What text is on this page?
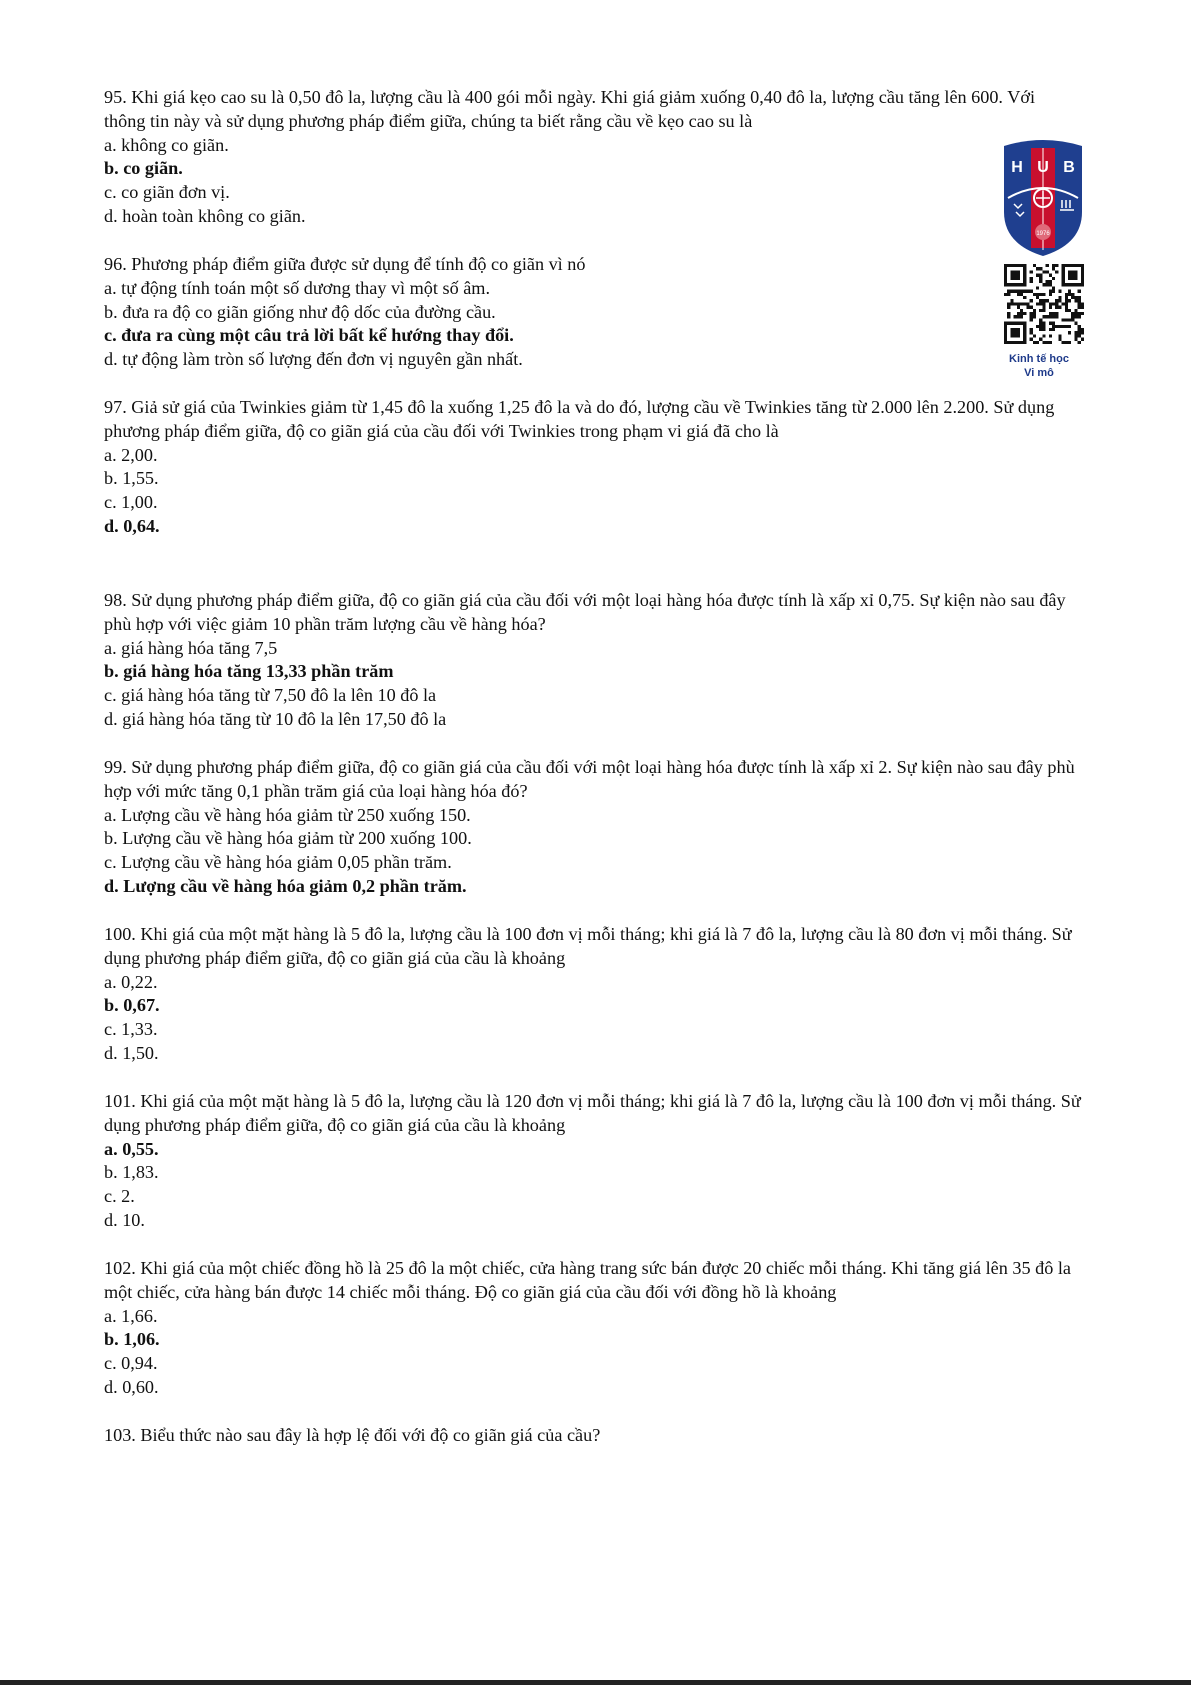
95. Khi giá kẹo cao su là 0,50 đô la, lượng cầu là 400 gói mỗi ngày. Khi giá giảm xuống 0,40 đô la, lượng cầu tăng lên 600. Với thông tin này và sử dụng phương pháp điểm giữa, chúng ta biết rằng cầu về kẹo cao su là

a. không co giãn.

b. co giãn.

c. co giãn đơn vị.

d. hoàn toàn không co giãn.

96. Phương pháp điểm giữa được sử dụng để tính độ co giãn vì nó

a. tự động tính toán một số dương thay vì một số âm.

b. đưa ra độ co giãn giống như độ dốc của đường cầu.

c. đưa ra cùng một câu trả lời bất kể hướng thay đổi.

d. tự động làm tròn số lượng đến đơn vị nguyên gần nhất.

97. Giả sử giá của Twinkies giảm từ 1,45 đô la xuống 1,25 đô la và do đó, lượng cầu về Twinkies tăng từ 2.000 lên 2.200. Sử dụng phương pháp điểm giữa, độ co giãn giá của cầu đối với Twinkies trong phạm vi giá đã cho là

a. 2,00.

b. 1,55.

c. 1,00.

d. 0,64.

98. Sử dụng phương pháp điểm giữa, độ co giãn giá của cầu đối với một loại hàng hóa được tính là xấp xỉ 0,75. Sự kiện nào sau đây phù hợp với việc giảm 10 phần trăm lượng cầu về hàng hóa?

a. giá hàng hóa tăng 7,5

b. giá hàng hóa tăng 13,33 phần trăm

c. giá hàng hóa tăng từ 7,50 đô la lên 10 đô la

d. giá hàng hóa tăng từ 10 đô la lên 17,50 đô la

99. Sử dụng phương pháp điểm giữa, độ co giãn giá của cầu đối với một loại hàng hóa được tính là xấp xỉ 2. Sự kiện nào sau đây phù hợp với mức tăng 0,1 phần trăm giá của loại hàng hóa đó?

a. Lượng cầu về hàng hóa giảm từ 250 xuống 150.

b. Lượng cầu về hàng hóa giảm từ 200 xuống 100.

c. Lượng cầu về hàng hóa giảm 0,05 phần trăm.

d. Lượng cầu về hàng hóa giảm 0,2 phần trăm.

100. Khi giá của một mặt hàng là 5 đô la, lượng cầu là 100 đơn vị mỗi tháng; khi giá là 7 đô la, lượng cầu là 80 đơn vị mỗi tháng. Sử dụng phương pháp điểm giữa, độ co giãn giá của cầu là khoảng

a. 0,22.

b. 0,67.

c. 1,33.

d. 1,50.

101. Khi giá của một mặt hàng là 5 đô la, lượng cầu là 120 đơn vị mỗi tháng; khi giá là 7 đô la, lượng cầu là 100 đơn vị mỗi tháng. Sử dụng phương pháp điểm giữa, độ co giãn giá của cầu là khoảng

a. 0,55.

b. 1,83.

c. 2.

d. 10.

102. Khi giá của một chiếc đồng hồ là 25 đô la một chiếc, cửa hàng trang sức bán được 20 chiếc mỗi tháng. Khi tăng giá lên 35 đô la một chiếc, cửa hàng bán được 14 chiếc mỗi tháng. Độ co giãn giá của cầu đối với đồng hồ là khoảng

a. 1,66.

b. 1,06.

c. 0,94.

d. 0,60.

103. Biểu thức nào sau đây là hợp lệ đối với độ co giãn giá của cầu?

H U B
1976
Kinh tế học
Vi mô
